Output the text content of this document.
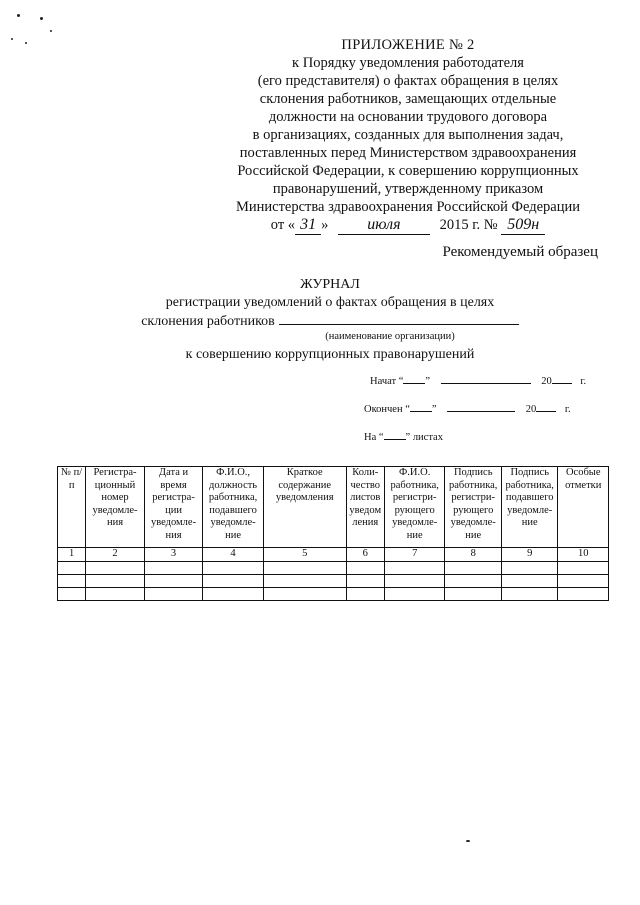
ПРИЛОЖЕНИЕ № 2
к Порядку уведомления работодателя
(его представителя) о фактах обращения в целях
склонения работников, замещающих отдельные
должности на основании трудового договора
в организациях, созданных для выполнения задач,
поставленных перед Министерством здравоохранения
Российской Федерации, к совершению коррупционных
правонарушений, утвержденному приказом
Министерства здравоохранения Российской Федерации
от « 31 » июля	2015 г. № 509н
Рекомендуемый образец
ЖУРНАЛ
регистрации уведомлений о фактах обращения в целях
склонения работников
(наименование организации)
к совершению коррупционных правонарушений
Начат “ ”	20	г.
Окончен “ ”	20	г.
На “ ” листах
№ п/п	Регистра-ционный номер уведомле-ния	Дата и время регистра-ции уведомле-ния	Ф.И.О., должность работника, подавшего уведомле-ние	Краткое содержание уведомления	Коли-чество листов уведом ления	Ф.И.О. работника, регистри-рующего уведомле-ние	Подпись работника, регистри-рующего уведомле-ние	Подпись работника, подавшего уведомле-ние	Особые отметки
1	2	3	4	5	6	7	8	9	10
